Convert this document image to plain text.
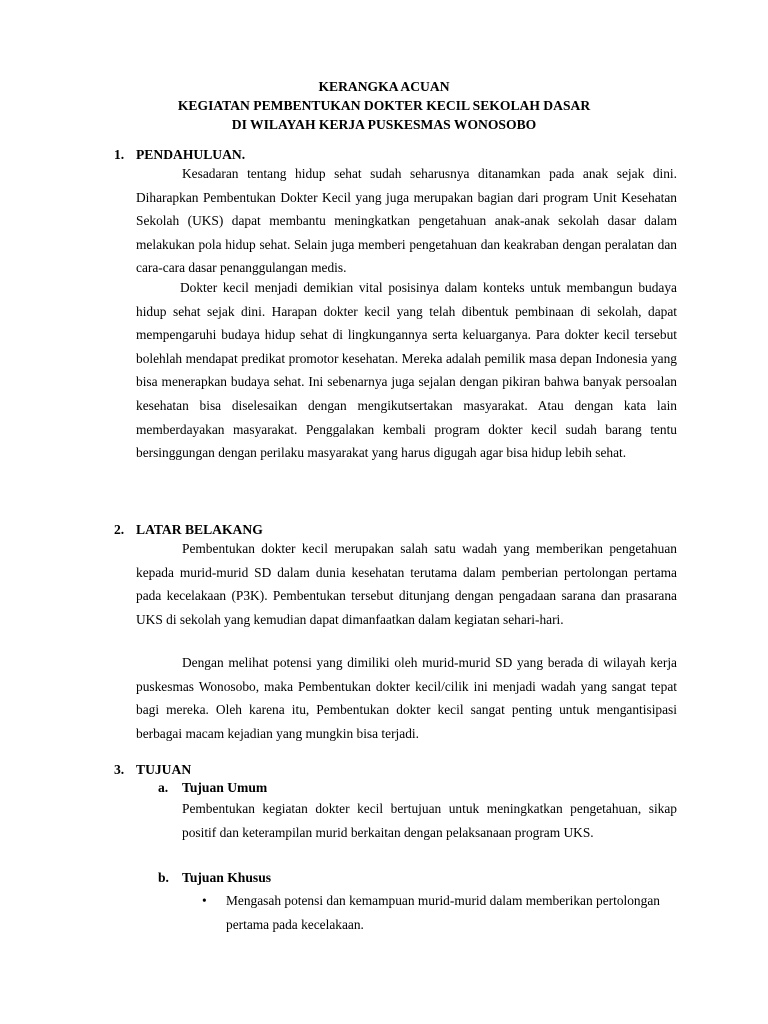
KERANGKA ACUAN
KEGIATAN PEMBENTUKAN DOKTER KECIL SEKOLAH DASAR
DI WILAYAH KERJA PUSKESMAS WONOSOBO
1. PENDAHULUAN.
Kesadaran tentang hidup sehat sudah seharusnya ditanamkan pada anak sejak dini. Diharapkan Pembentukan Dokter Kecil yang juga merupakan bagian dari program Unit Kesehatan Sekolah (UKS) dapat membantu meningkatkan pengetahuan anak-anak sekolah dasar dalam melakukan pola hidup sehat. Selain juga memberi pengetahuan dan keakraban dengan peralatan dan cara-cara dasar penanggulangan medis.
Dokter kecil menjadi demikian vital posisinya dalam konteks untuk membangun budaya hidup sehat sejak dini. Harapan dokter kecil yang telah dibentuk pembinaan di sekolah, dapat mempengaruhi budaya hidup sehat di lingkungannya serta keluarganya. Para dokter kecil tersebut bolehlah mendapat predikat promotor kesehatan. Mereka adalah pemilik masa depan Indonesia yang bisa menerapkan budaya sehat. Ini sebenarnya juga sejalan dengan pikiran bahwa banyak persoalan kesehatan bisa diselesaikan dengan mengikutsertakan masyarakat. Atau dengan kata lain memberdayakan masyarakat. Penggalakan kembali program dokter kecil sudah barang tentu bersinggungan dengan perilaku masyarakat yang harus digugah agar bisa hidup lebih sehat.
2. LATAR BELAKANG
Pembentukan dokter kecil merupakan salah satu wadah yang memberikan pengetahuan kepada murid-murid SD dalam dunia kesehatan terutama dalam pemberian pertolongan pertama pada kecelakaan (P3K). Pembentukan tersebut ditunjang dengan pengadaan sarana dan prasarana UKS di sekolah yang kemudian dapat dimanfaatkan dalam kegiatan sehari-hari.
Dengan melihat potensi yang dimiliki oleh murid-murid SD yang berada di wilayah kerja puskesmas Wonosobo, maka Pembentukan dokter kecil/cilik ini menjadi wadah yang sangat tepat bagi mereka. Oleh karena itu, Pembentukan dokter kecil sangat penting untuk mengantisipasi berbagai macam kejadian yang mungkin bisa terjadi.
3. TUJUAN
a. Tujuan Umum
Pembentukan kegiatan dokter kecil bertujuan untuk meningkatkan pengetahuan, sikap positif dan keterampilan murid berkaitan dengan pelaksanaan program UKS.
b. Tujuan Khusus
• Mengasah potensi dan kemampuan murid-murid dalam memberikan pertolongan pertama pada kecelakaan.
